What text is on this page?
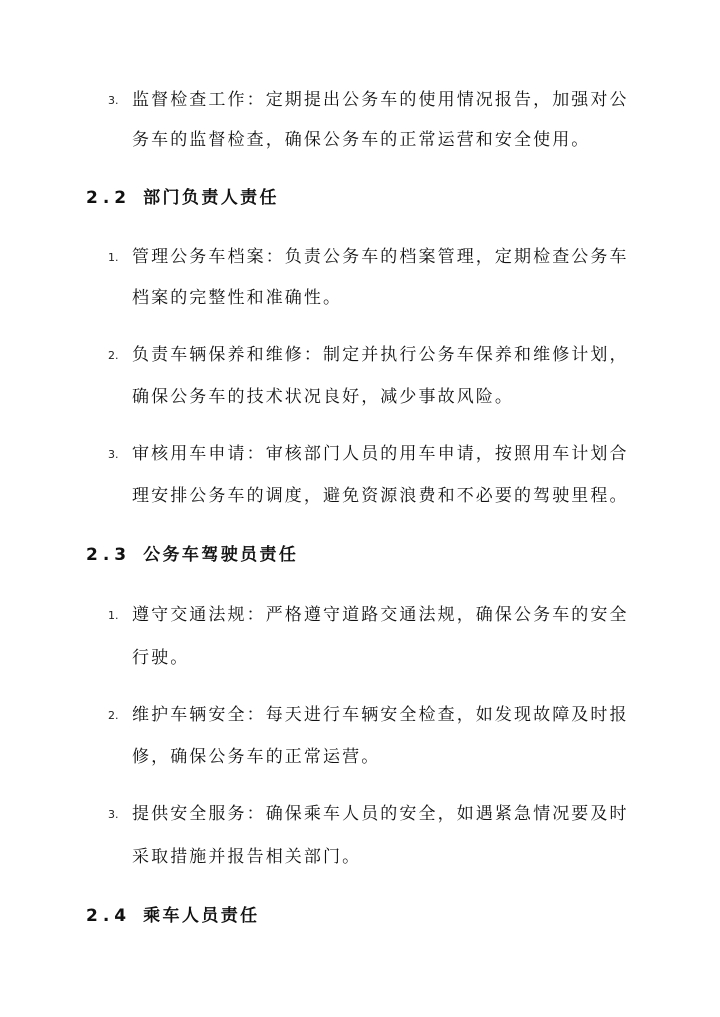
3. 监督检查工作：定期提出公务车的使用情况报告，加强对公
务车的监督检查，确保公务车的正常运营和安全使用。
2.2 部门负责人责任
1. 管理公务车档案：负责公务车的档案管理，定期检查公务车
档案的完整性和准确性。
2. 负责车辆保养和维修：制定并执行公务车保养和维修计划，
确保公务车的技术状况良好，减少事故风险。
3. 审核用车申请：审核部门人员的用车申请，按照用车计划合
理安排公务车的调度，避免资源浪费和不必要的驾驶里程。
2.3 公务车驾驶员责任
1. 遵守交通法规：严格遵守道路交通法规，确保公务车的安全
行驶。
2. 维护车辆安全：每天进行车辆安全检查，如发现故障及时报
修，确保公务车的正常运营。
3. 提供安全服务：确保乘车人员的安全，如遇紧急情况要及时
采取措施并报告相关部门。
2.4 乘车人员责任
